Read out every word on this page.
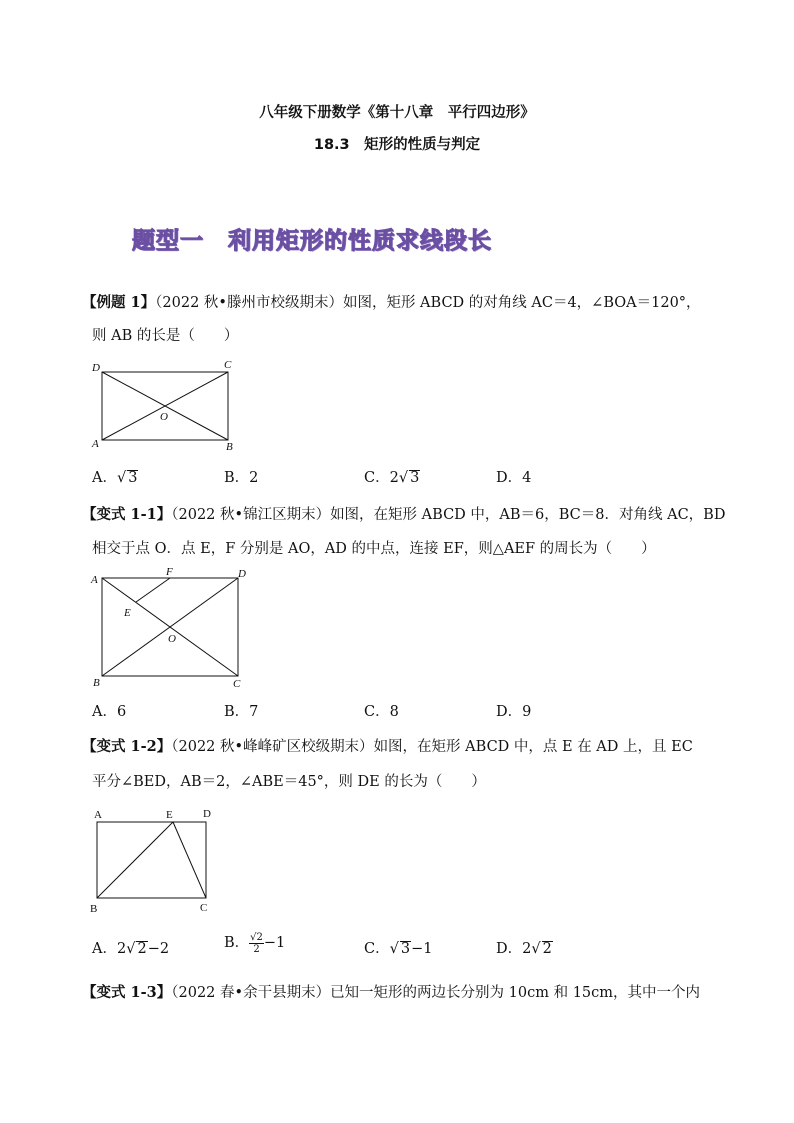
八年级下册数学《第十八章　平行四边形》
18.3　矩形的性质与判定
题型一　利用矩形的性质求线段长
【例题 1】（2022 秋•滕州市校级期末）如图，矩形 ABCD 的对角线 AC＝4，∠BOA＝120°，
则 AB 的长是（　　）
D	C
A	B
O
A．√ 3	B．2	C．2√ 3	D．4
【变式 1-1】（2022 秋•锦江区期末）如图，在矩形 ABCD 中，AB＝6，BC＝8．对角线 AC，BD
相交于点 O．点 E，F 分别是 AO，AD 的中点，连接 EF，则△AEF 的周长为（　　）
A
F	D
E
O
B	C
A．6	B．7	C．8	D．9
【变式 1-2】（2022 秋•峰峰矿区校级期末）如图，在矩形 ABCD 中，点 E 在 AD 上，且 EC
平分∠BED，AB＝2，∠ABE＝45°，则 DE 的长为（　　）
A	E	D
B	C
A．2√ 2−2	B． $\frac{√2}{2} -1$	C．√ 3−1	D．2√ 2
【变式 1-3】（2022 春•余干县期末）已知一矩形的两边长分别为 10cm 和 15cm，其中一个内
